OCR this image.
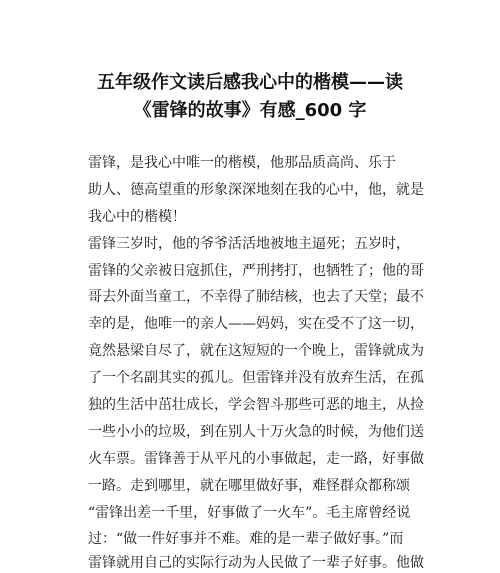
五年级作文读后感我心中的楷模——读
《雷锋的故事》有感_600 字
雷锋，是我心中唯一的楷模，他那品质高尚、乐于
助人、德高望重的形象深深地刻在我的心中，他，就是
我心中的楷模！
雷锋三岁时，他的爷爷活活地被地主逼死；五岁时，
雷锋的父亲被日寇抓住，严刑拷打，也牺牲了；他的哥
哥去外面当童工，不幸得了肺结核，也去了天堂；最不
幸的是，他唯一的亲人——妈妈，实在受不了这一切，
竟然悬梁自尽了，就在这短短的一个晚上，雷锋就成为
了一个名副其实的孤儿。但雷锋并没有放弃生活，在孤
独的生活中茁壮成长，学会智斗那些可恶的地主，从捡
一些小小的垃圾，到在别人十万火急的时候，为他们送
火车票。雷锋善于从平凡的小事做起，走一路，好事做
一路。走到哪里，就在哪里做好事，难怪群众都称颂
“雷锋出差一千里，好事做了一火车”。毛主席曾经说
过：“做一件好事并不难。难的是一辈子做好事。”而
雷锋就用自己的实际行动为人民做了一辈子好事。他做
